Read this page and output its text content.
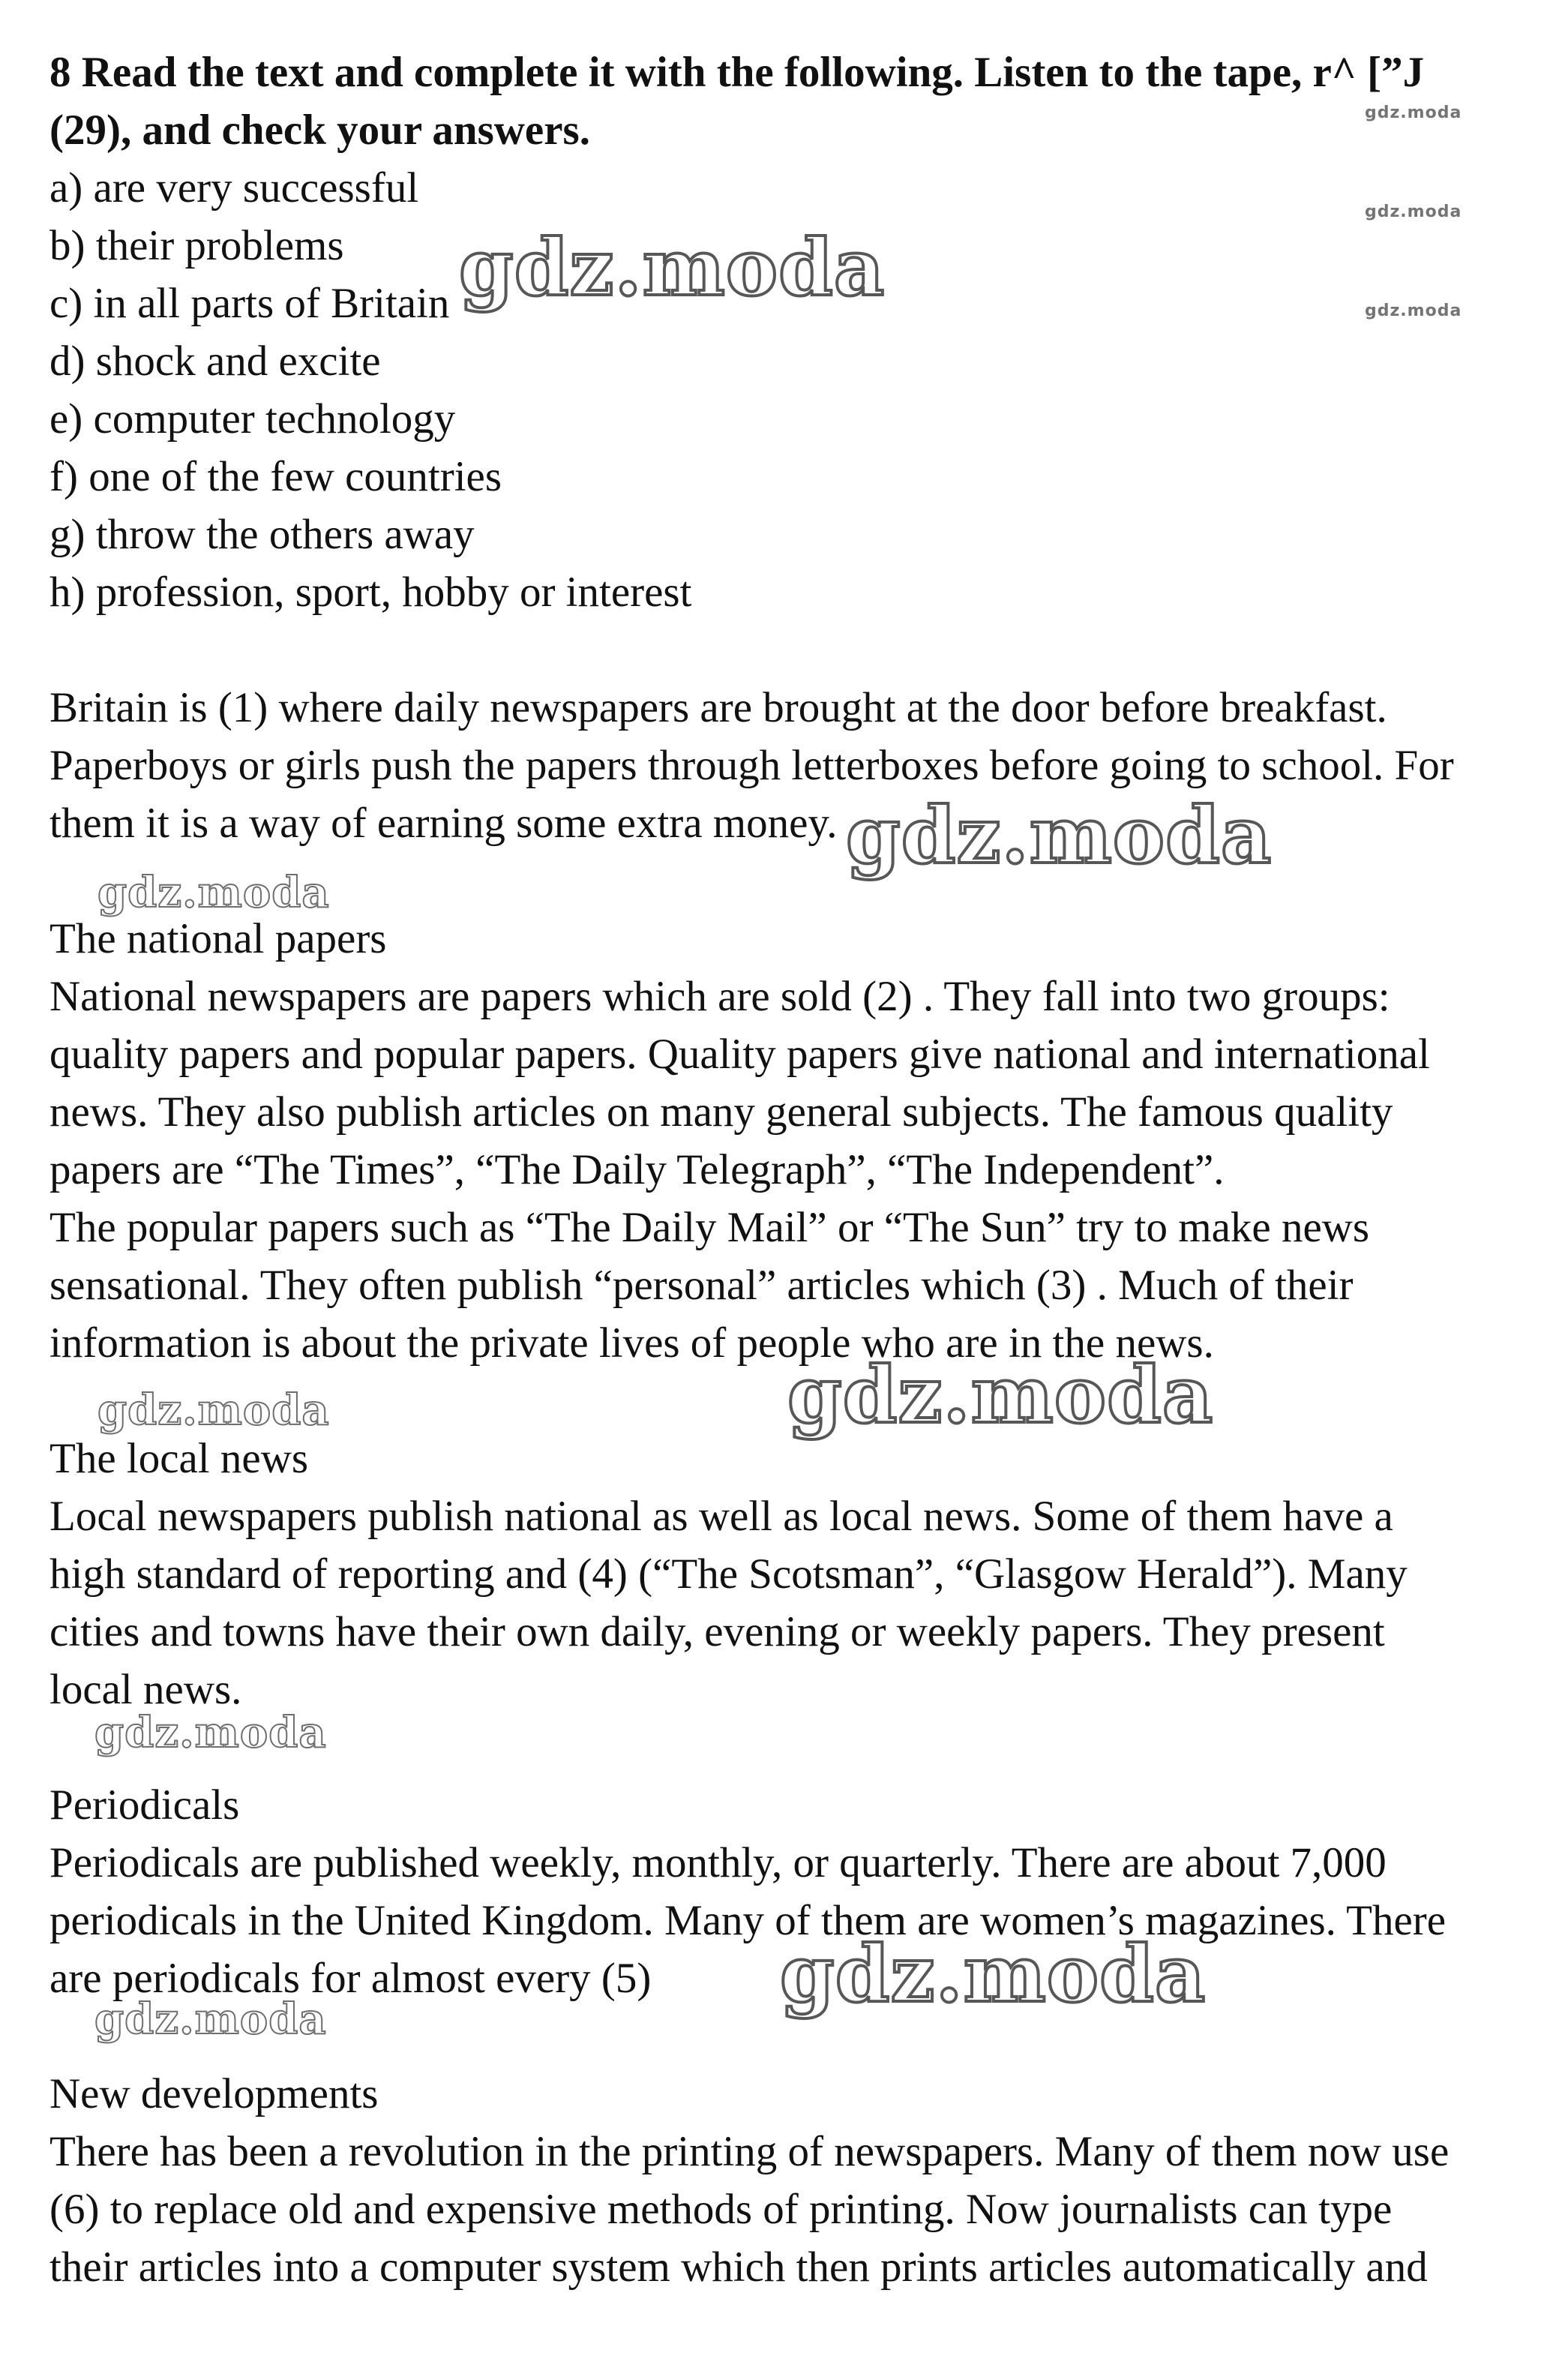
8 Read the text and complete it with the following. Listen to the tape, r^ [”J
(29), and check your answers.
a) are very successful
b) their problems
c) in all parts of Britain
d) shock and excite
e) computer technology
f) one of the few countries
g) throw the others away
h) profession, sport, hobby or interest
Britain is (1) where daily newspapers are brought at the door before breakfast.
Paperboys or girls push the papers through letterboxes before going to school. For
them it is a way of earning some extra money.
The national papers
National newspapers are papers which are sold (2) . They fall into two groups:
quality papers and popular papers. Quality papers give national and international
news. They also publish articles on many general subjects. The famous quality
papers are “The Times”, “The Daily Telegraph”, “The Independent”.
The popular papers such as “The Daily Mail” or “The Sun” try to make news
sensational. They often publish “personal” articles which (3) . Much of their
information is about the private lives of people who are in the news.
The local news
Local newspapers publish national as well as local news. Some of them have a
high standard of reporting and (4) (“The Scotsman”, “Glasgow Herald”). Many
cities and towns have their own daily, evening or weekly papers. They present
local news.
Periodicals
Periodicals are published weekly, monthly, or quarterly. There are about 7,000
periodicals in the United Kingdom. Many of them are women’s magazines. There
are periodicals for almost every (5)
New developments
There has been a revolution in the printing of newspapers. Many of them now use
(6) to replace old and expensive methods of printing. Now journalists can type
their articles into a computer system which then prints articles automatically and
gdz.moda
gdz.moda
gdz.moda
gdz.moda
gdz.moda
gdz.moda
gdz.moda
gdz.moda
gdz.moda
gdz.moda
gdz.moda
